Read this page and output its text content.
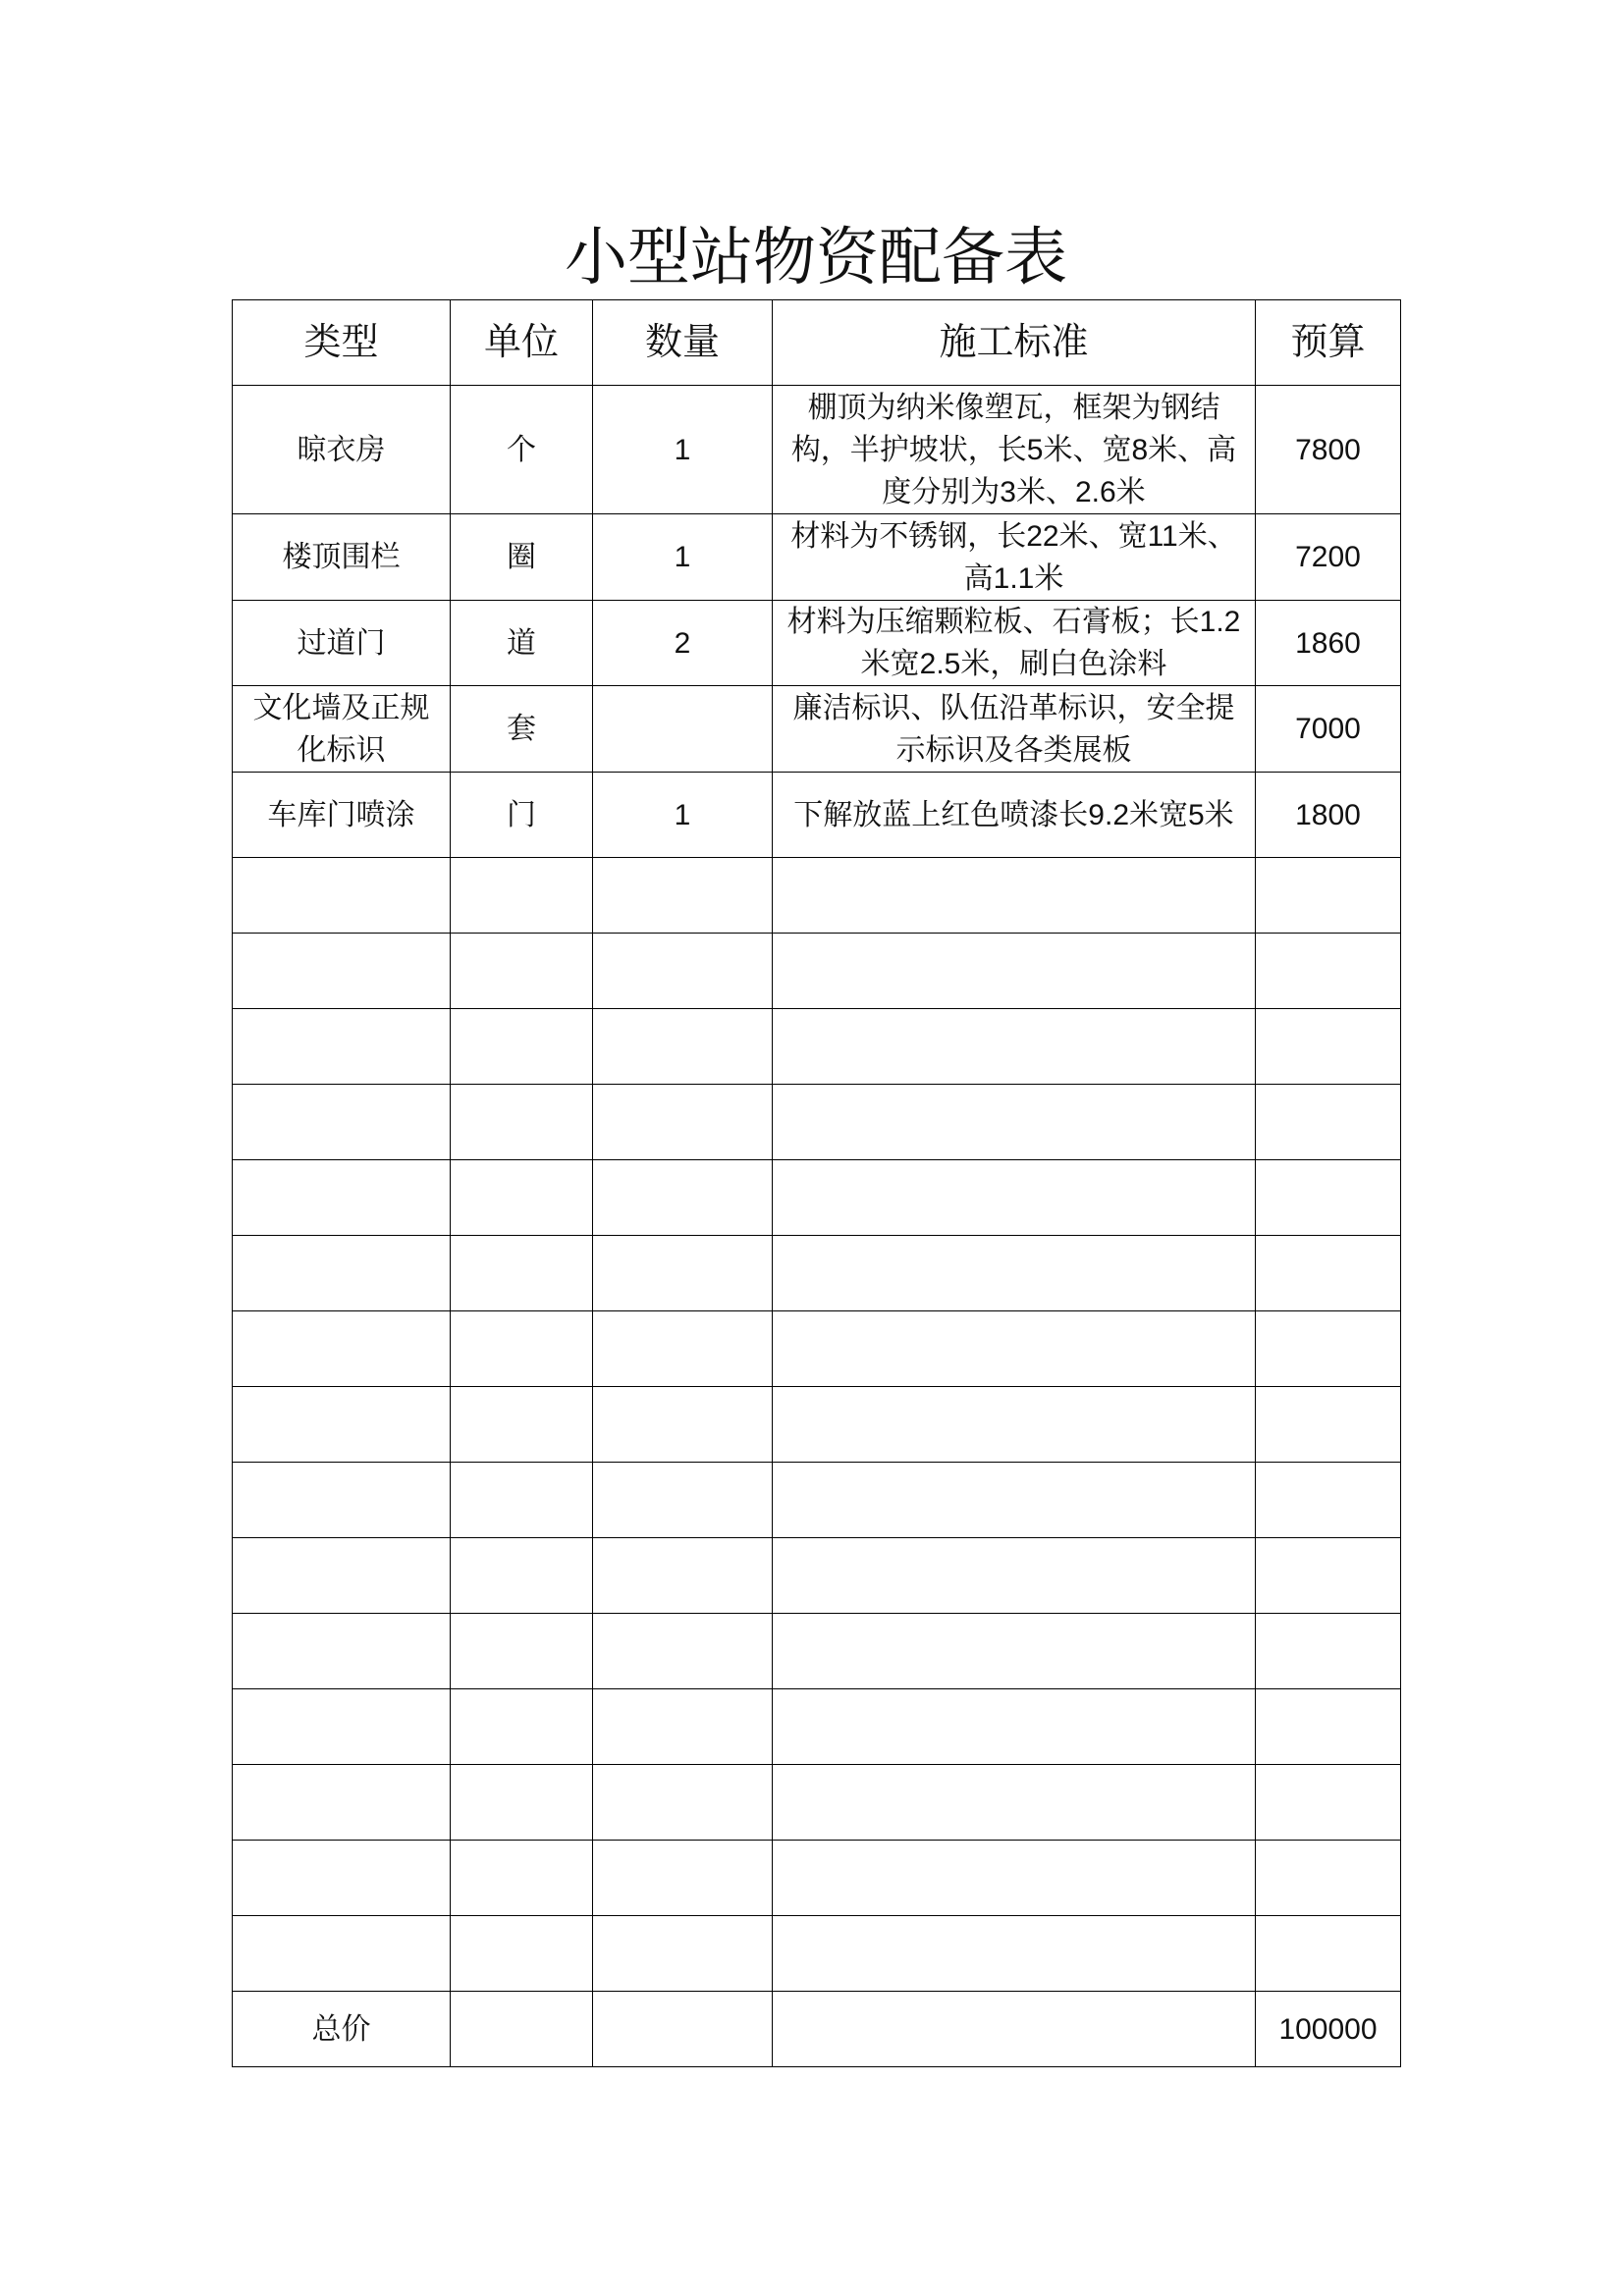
小型站物资配备表
类型	单位	数量	施工标准	预算
晾衣房	个	1	棚顶为纳米像塑瓦，框架为钢结构，半护坡状，长5米、宽8米、高度分别为3米、2.6米	7800
楼顶围栏	圈	1	材料为不锈钢，长22米、宽11米、高1.1米	7200
过道门	道	2	材料为压缩颗粒板、石膏板；长1.2米宽2.5米，刷白色涂料	1860
文化墙及正规化标识	套		廉洁标识、队伍沿革标识，安全提示标识及各类展板	7000
车库门喷涂	门	1	下解放蓝上红色喷漆长9.2米宽5米	1800

总价				100000
